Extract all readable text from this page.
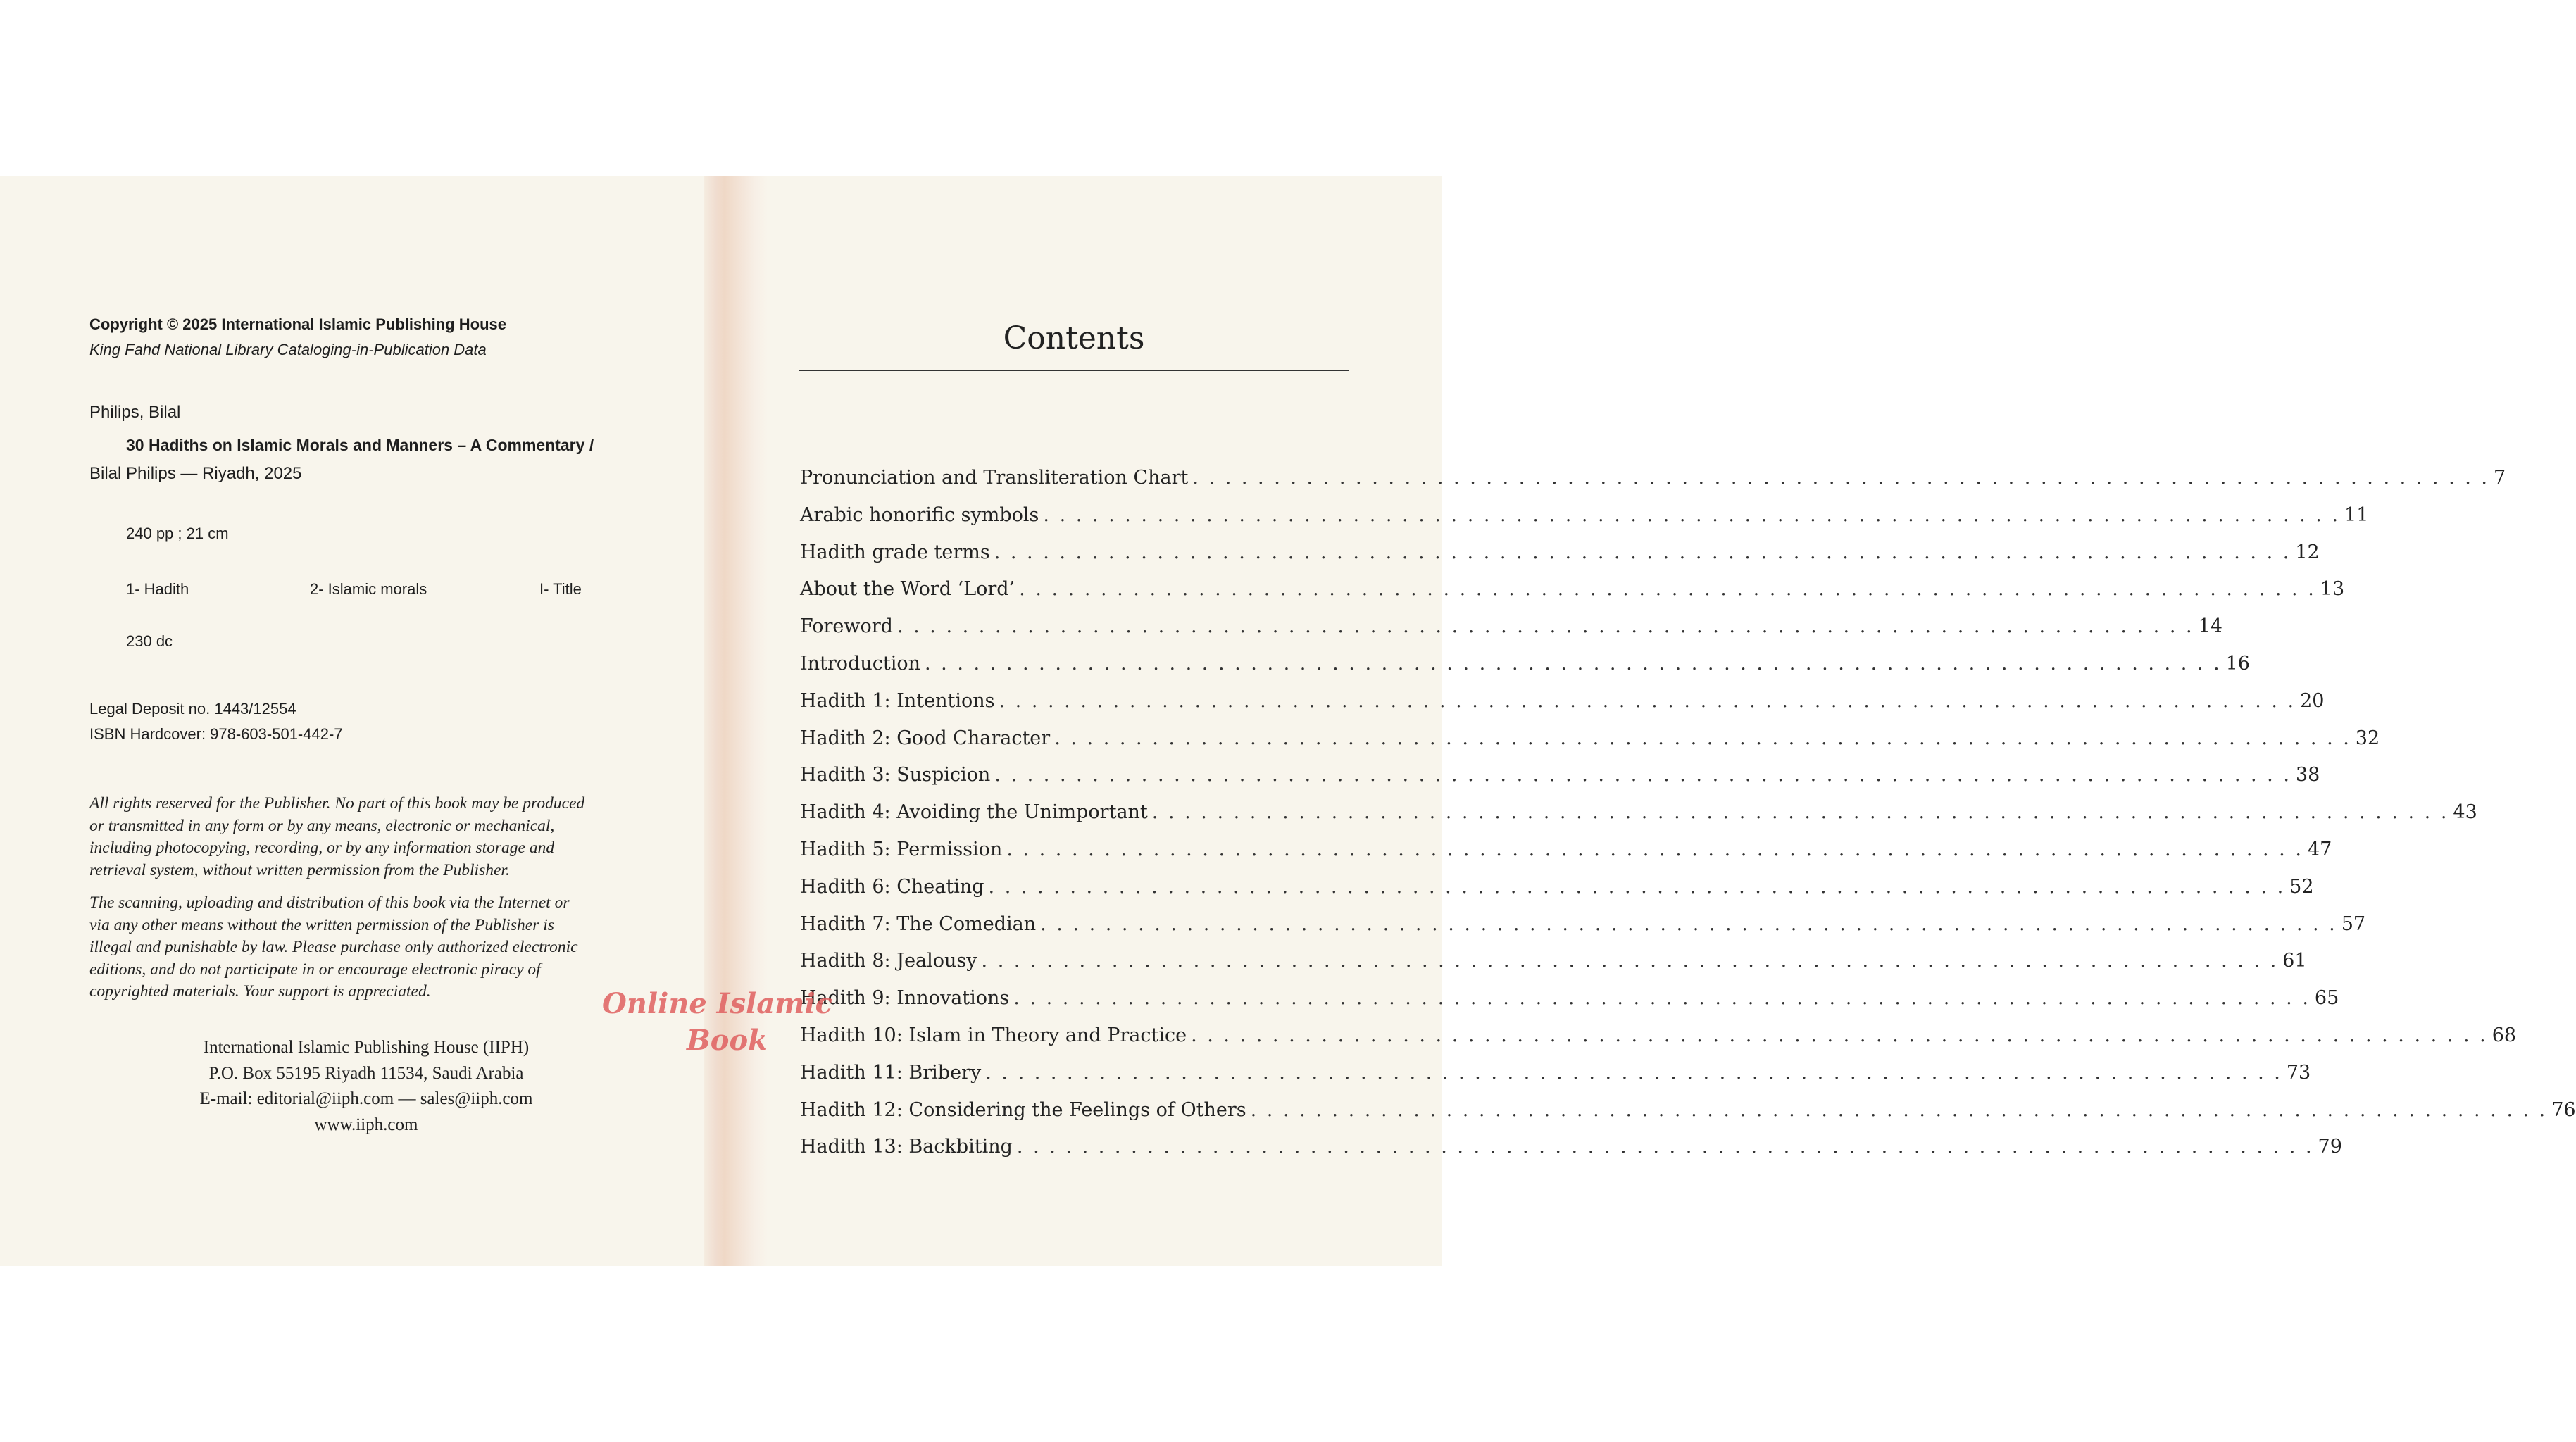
Copyright © 2025 International Islamic Publishing House
King Fahd National Library Cataloging-in-Publication Data
Philips, Bilal
30 Hadiths on Islamic Morals and Manners – A Commentary /
Bilal Philips — Riyadh, 2025
240 pp ; 21 cm
1- Hadith	2- Islamic morals	I- Title
230 dc
Legal Deposit no. 1443/12554
ISBN Hardcover: 978-603-501-442-7
All rights reserved for the Publisher. No part of this book may be produced
or transmitted in any form or by any means, electronic or mechanical,
including photocopying, recording, or by any information storage and
retrieval system, without written permission from the Publisher.
The scanning, uploading and distribution of this book via the Internet or
via any other means without the written permission of the Publisher is
illegal and punishable by law. Please purchase only authorized electronic
editions, and do not participate in or encourage electronic piracy of
copyrighted materials. Your support is appreciated.
International Islamic Publishing House (IIPH)
P.O. Box 55195 Riyadh 11534, Saudi Arabia
E-mail: editorial@iiph.com — sales@iiph.com
www.iiph.com
Contents
Pronunciation and Transliteration Chart . . . . . . . . . . . . . . . . . . . . . . . . . . . . . . . . . . . . . . . . . . . . . . . . . . . . . . . . . . . . . . . . . . . . . . . . . . . . . . . . 7
Arabic honorific symbols . . . . . . . . . . . . . . . . . . . . . . . . . . . . . . . . . . . . . . . . . . . . . . . . . . . . . . . . . . . . . . . . . . . . . . . . . . . . . . . . 11
Hadith grade terms . . . . . . . . . . . . . . . . . . . . . . . . . . . . . . . . . . . . . . . . . . . . . . . . . . . . . . . . . . . . . . . . . . . . . . . . . . . . . . . . 12
About the Word ‘Lord’ . . . . . . . . . . . . . . . . . . . . . . . . . . . . . . . . . . . . . . . . . . . . . . . . . . . . . . . . . . . . . . . . . . . . . . . . . . . . . . . . 13
Foreword . . . . . . . . . . . . . . . . . . . . . . . . . . . . . . . . . . . . . . . . . . . . . . . . . . . . . . . . . . . . . . . . . . . . . . . . . . . . . . . . 14
Introduction . . . . . . . . . . . . . . . . . . . . . . . . . . . . . . . . . . . . . . . . . . . . . . . . . . . . . . . . . . . . . . . . . . . . . . . . . . . . . . . . 16
Hadith 1: Intentions . . . . . . . . . . . . . . . . . . . . . . . . . . . . . . . . . . . . . . . . . . . . . . . . . . . . . . . . . . . . . . . . . . . . . . . . . . . . . . . . 20
Hadith 2: Good Character . . . . . . . . . . . . . . . . . . . . . . . . . . . . . . . . . . . . . . . . . . . . . . . . . . . . . . . . . . . . . . . . . . . . . . . . . . . . . . . . 32
Hadith 3: Suspicion . . . . . . . . . . . . . . . . . . . . . . . . . . . . . . . . . . . . . . . . . . . . . . . . . . . . . . . . . . . . . . . . . . . . . . . . . . . . . . . . 38
Hadith 4: Avoiding the Unimportant . . . . . . . . . . . . . . . . . . . . . . . . . . . . . . . . . . . . . . . . . . . . . . . . . . . . . . . . . . . . . . . . . . . . . . . . . . . . . . . . 43
Hadith 5: Permission . . . . . . . . . . . . . . . . . . . . . . . . . . . . . . . . . . . . . . . . . . . . . . . . . . . . . . . . . . . . . . . . . . . . . . . . . . . . . . . . 47
Hadith 6: Cheating . . . . . . . . . . . . . . . . . . . . . . . . . . . . . . . . . . . . . . . . . . . . . . . . . . . . . . . . . . . . . . . . . . . . . . . . . . . . . . . . 52
Hadith 7: The Comedian . . . . . . . . . . . . . . . . . . . . . . . . . . . . . . . . . . . . . . . . . . . . . . . . . . . . . . . . . . . . . . . . . . . . . . . . . . . . . . . . 57
Hadith 8: Jealousy . . . . . . . . . . . . . . . . . . . . . . . . . . . . . . . . . . . . . . . . . . . . . . . . . . . . . . . . . . . . . . . . . . . . . . . . . . . . . . . . 61
Hadith 9: Innovations . . . . . . . . . . . . . . . . . . . . . . . . . . . . . . . . . . . . . . . . . . . . . . . . . . . . . . . . . . . . . . . . . . . . . . . . . . . . . . . . 65
Hadith 10: Islam in Theory and Practice . . . . . . . . . . . . . . . . . . . . . . . . . . . . . . . . . . . . . . . . . . . . . . . . . . . . . . . . . . . . . . . . . . . . . . . . . . . . . . . . 68
Hadith 11: Bribery . . . . . . . . . . . . . . . . . . . . . . . . . . . . . . . . . . . . . . . . . . . . . . . . . . . . . . . . . . . . . . . . . . . . . . . . . . . . . . . . 73
Hadith 12: Considering the Feelings of Others . . . . . . . . . . . . . . . . . . . . . . . . . . . . . . . . . . . . . . . . . . . . . . . . . . . . . . . . . . . . . . . . . . . . . . . . . . . . . . . . 76
Hadith 13: Backbiting . . . . . . . . . . . . . . . . . . . . . . . . . . . . . . . . . . . . . . . . . . . . . . . . . . . . . . . . . . . . . . . . . . . . . . . . . . . . . . . . 79
Online Islamic
Book
